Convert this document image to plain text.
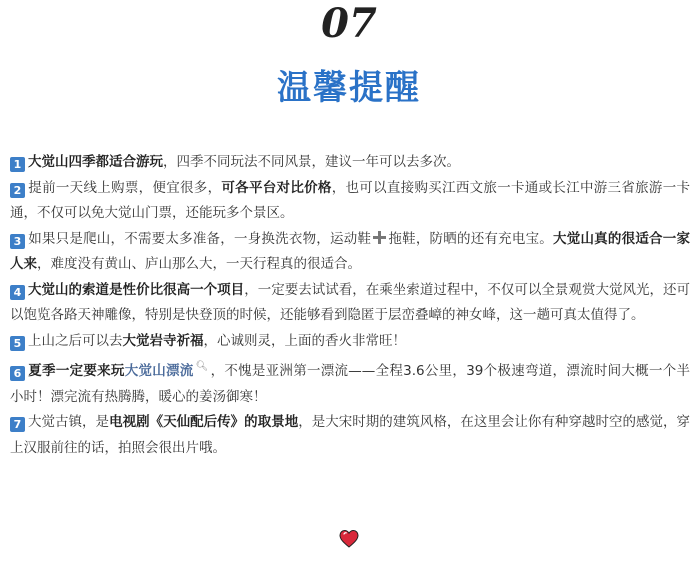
07
温馨提醒

1 大觉山四季都适合游玩，四季不同玩法不同风景，建议一年可以去多次。

2 提前一天线上购票，便宜很多，可各平台对比价格，也可以直接购买江西文旅一卡通或长江中游三省旅游一卡通，不仅可以免大觉山门票，还能玩多个景区。

3 如果只是爬山，不需要太多准备，一身换洗衣物，运动鞋 拖鞋，防晒的还有充电宝。大觉山真的很适合一家人来，难度没有黄山、庐山那么大，一天行程真的很适合。

4 大觉山的索道是性价比很高一个项目，一定要去试试看，在乘坐索道过程中，不仅可以全景观赏大觉风光，还可以饱览各路天神雕像，特别是快登顶的时候，还能够看到隐匿于层峦叠嶂的神女峰，这一趟可真太值得了。

5 上山之后可以去大觉岩寺祈福，心诚则灵，上面的香火非常旺！

6 夏季一定要来玩大觉山漂流 🔍︎ ，不愧是亚洲第一漂流——全程3.6公里，39个极速弯道，漂流时间大概一个半小时！漂完流有热腾腾，暖心的姜汤御寒！

7 大觉古镇，是电视剧《天仙配后传》的取景地，是大宋时期的建筑风格，在这里会让你有种穿越时空的感觉，穿上汉服前往的话，拍照会很出片哦。
